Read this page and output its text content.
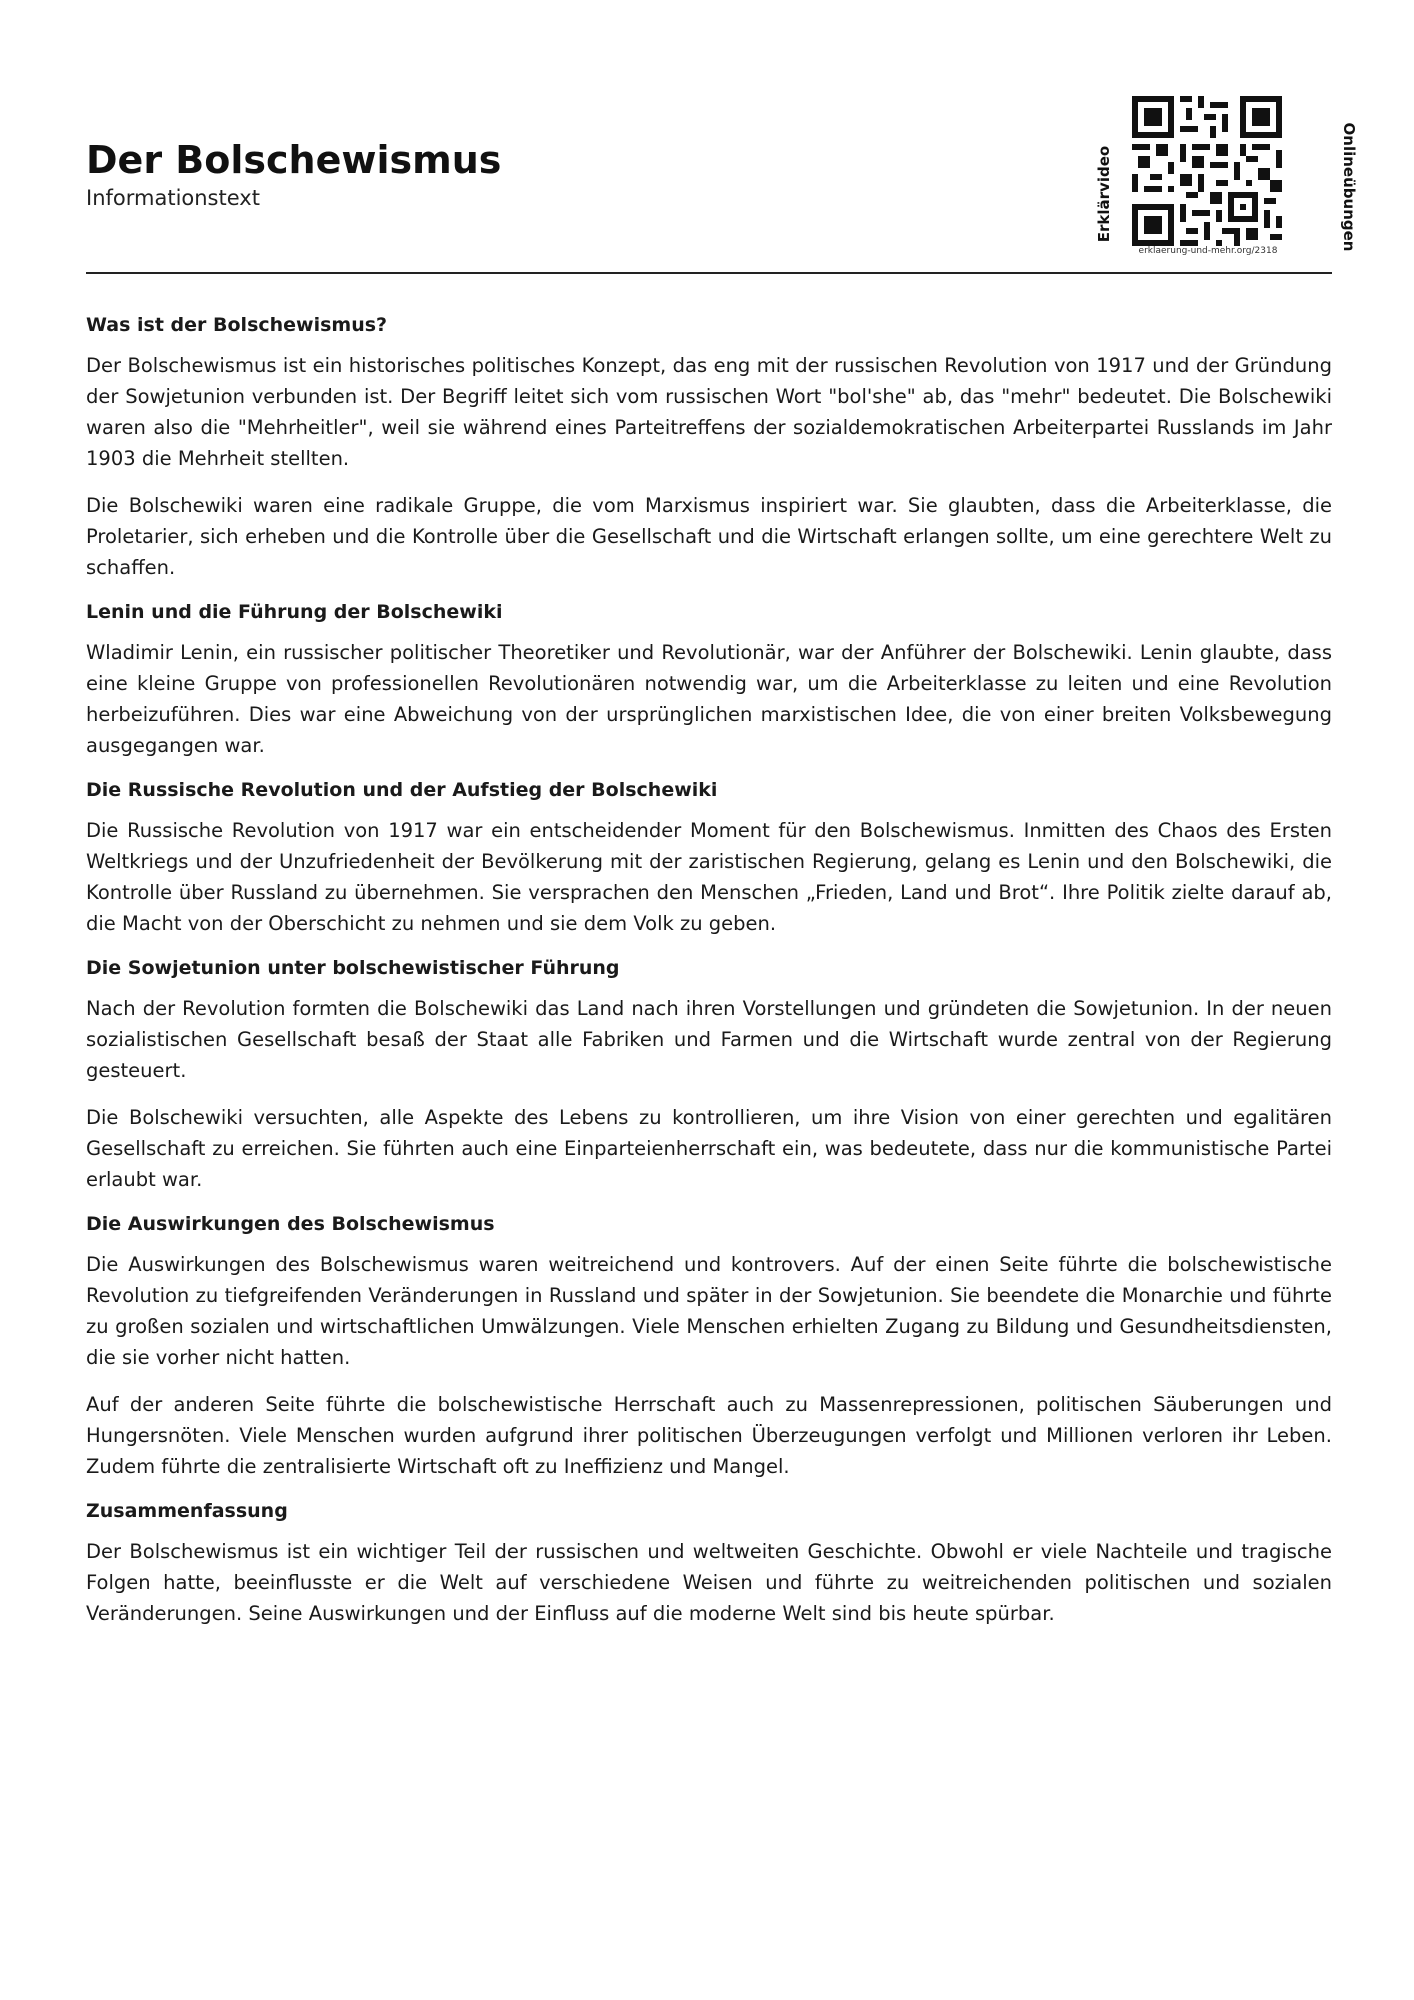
Der Bolschewismus
Informationstext	Erklärvideo	Onlineübungen
erklaerung-und-mehr.org/2318
Was ist der Bolschewismus?

Der Bolschewismus ist ein historisches politisches Konzept, das eng mit der russischen Revolution von 1917 und der Gründung der Sowjetunion verbunden ist. Der Begriff leitet sich vom russischen Wort "bol'she" ab, das "mehr" bedeutet. Die Bolschewiki waren also die "Mehrheitler", weil sie während eines Parteitreffens der sozialdemokratischen Arbeiterpartei Russlands im Jahr 1903 die Mehrheit stellten.

Die Bolschewiki waren eine radikale Gruppe, die vom Marxismus inspiriert war. Sie glaubten, dass die Arbeiterklasse, die Proletarier, sich erheben und die Kontrolle über die Gesellschaft und die Wirtschaft erlangen sollte, um eine gerechtere Welt zu schaffen.

Lenin und die Führung der Bolschewiki

Wladimir Lenin, ein russischer politischer Theoretiker und Revolutionär, war der Anführer der Bolschewiki. Lenin glaubte, dass eine kleine Gruppe von professionellen Revolutionären notwendig war, um die Arbeiterklasse zu leiten und eine Revolution herbeizuführen. Dies war eine Abweichung von der ursprünglichen marxistischen Idee, die von einer breiten Volksbewegung ausgegangen war.

Die Russische Revolution und der Aufstieg der Bolschewiki

Die Russische Revolution von 1917 war ein entscheidender Moment für den Bolschewismus. Inmitten des Chaos des Ersten Weltkriegs und der Unzufriedenheit der Bevölkerung mit der zaristischen Regierung, gelang es Lenin und den Bolschewiki, die Kontrolle über Russland zu übernehmen. Sie versprachen den Menschen „Frieden, Land und Brot“. Ihre Politik zielte darauf ab, die Macht von der Oberschicht zu nehmen und sie dem Volk zu geben.

Die Sowjetunion unter bolschewistischer Führung

Nach der Revolution formten die Bolschewiki das Land nach ihren Vorstellungen und gründeten die Sowjetunion. In der neuen sozialistischen Gesellschaft besaß der Staat alle Fabriken und Farmen und die Wirtschaft wurde zentral von der Regierung gesteuert.

Die Bolschewiki versuchten, alle Aspekte des Lebens zu kontrollieren, um ihre Vision von einer gerechten und egalitären Gesellschaft zu erreichen. Sie führten auch eine Einparteienherrschaft ein, was bedeutete, dass nur die kommunistische Partei erlaubt war.

Die Auswirkungen des Bolschewismus

Die Auswirkungen des Bolschewismus waren weitreichend und kontrovers. Auf der einen Seite führte die bolschewistische Revolution zu tiefgreifenden Veränderungen in Russland und später in der Sowjetunion. Sie beendete die Monarchie und führte zu großen sozialen und wirtschaftlichen Umwälzungen. Viele Menschen erhielten Zugang zu Bildung und Gesundheitsdiensten, die sie vorher nicht hatten.

Auf der anderen Seite führte die bolschewistische Herrschaft auch zu Massenrepressionen, politischen Säuberungen und Hungersnöten. Viele Menschen wurden aufgrund ihrer politischen Überzeugungen verfolgt und Millionen verloren ihr Leben. Zudem führte die zentralisierte Wirtschaft oft zu Ineffizienz und Mangel.

Zusammenfassung

Der Bolschewismus ist ein wichtiger Teil der russischen und weltweiten Geschichte. Obwohl er viele Nachteile und tragische Folgen hatte, beeinflusste er die Welt auf verschiedene Weisen und führte zu weitreichenden politischen und sozialen Veränderungen. Seine Auswirkungen und der Einfluss auf die moderne Welt sind bis heute spürbar.
